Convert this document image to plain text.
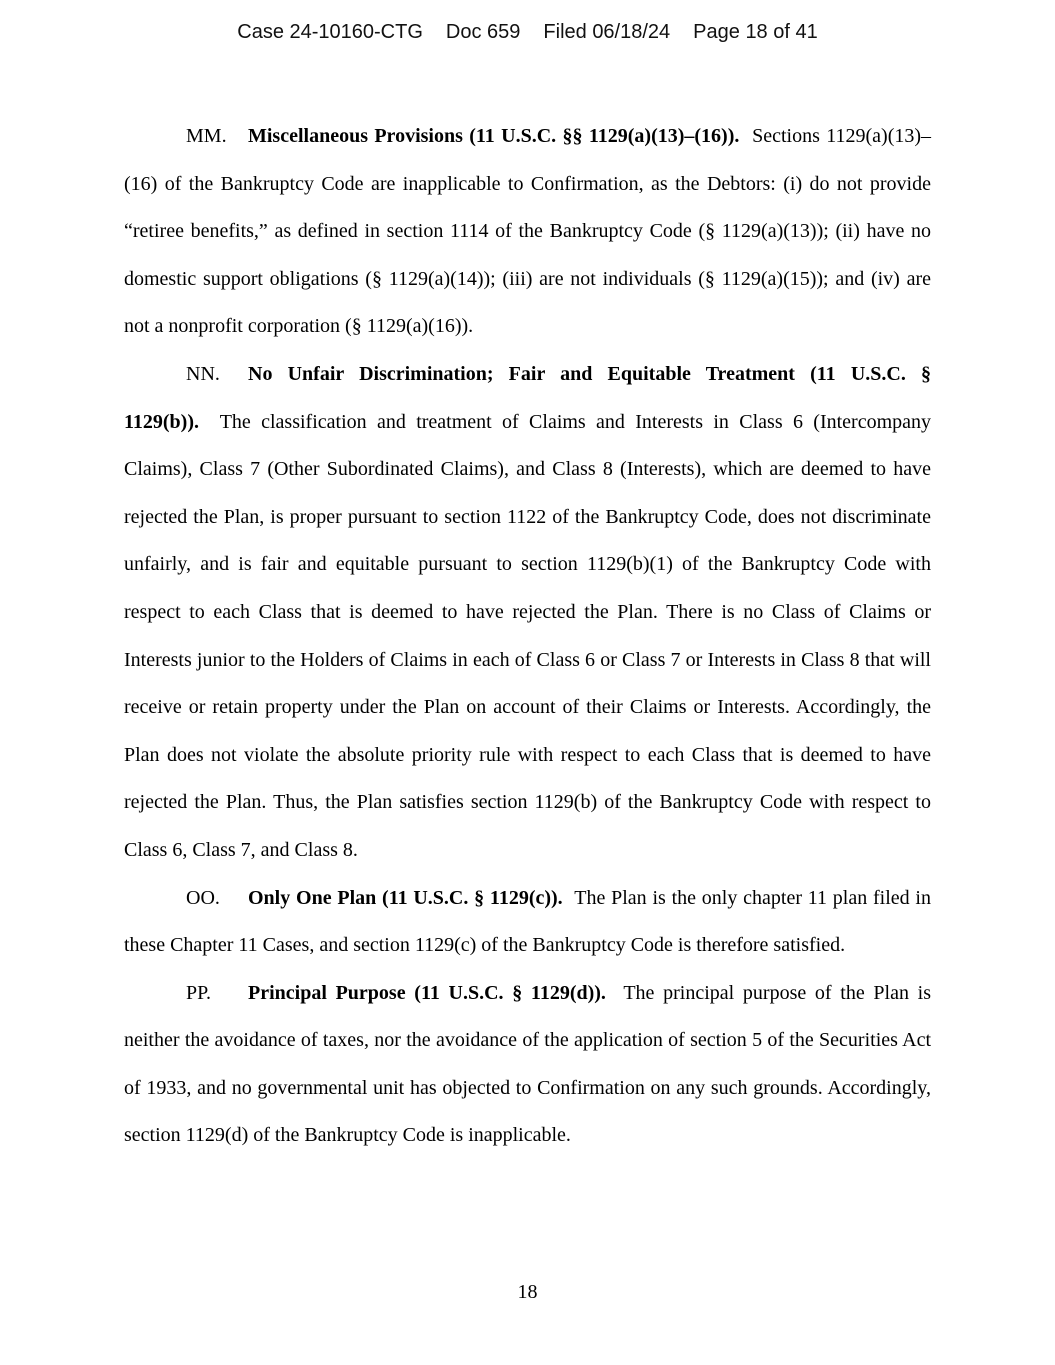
Case 24-10160-CTG Doc 659 Filed 06/18/24 Page 18 of 41

MM. Miscellaneous Provisions (11 U.S.C. §§ 1129(a)(13)–(16)). Sections 1129(a)(13)–(16) of the Bankruptcy Code are inapplicable to Confirmation, as the Debtors: (i) do not provide “retiree benefits,” as defined in section 1114 of the Bankruptcy Code (§ 1129(a)(13)); (ii) have no domestic support obligations (§ 1129(a)(14)); (iii) are not individuals (§ 1129(a)(15)); and (iv) are not a nonprofit corporation (§ 1129(a)(16)).

NN. No Unfair Discrimination; Fair and Equitable Treatment (11 U.S.C. § 1129(b)). The classification and treatment of Claims and Interests in Class 6 (Intercompany Claims), Class 7 (Other Subordinated Claims), and Class 8 (Interests), which are deemed to have rejected the Plan, is proper pursuant to section 1122 of the Bankruptcy Code, does not discriminate unfairly, and is fair and equitable pursuant to section 1129(b)(1) of the Bankruptcy Code with respect to each Class that is deemed to have rejected the Plan. There is no Class of Claims or Interests junior to the Holders of Claims in each of Class 6 or Class 7 or Interests in Class 8 that will receive or retain property under the Plan on account of their Claims or Interests. Accordingly, the Plan does not violate the absolute priority rule with respect to each Class that is deemed to have rejected the Plan. Thus, the Plan satisfies section 1129(b) of the Bankruptcy Code with respect to Class 6, Class 7, and Class 8.

OO. Only One Plan (11 U.S.C. § 1129(c)). The Plan is the only chapter 11 plan filed in these Chapter 11 Cases, and section 1129(c) of the Bankruptcy Code is therefore satisfied.

PP. Principal Purpose (11 U.S.C. § 1129(d)). The principal purpose of the Plan is neither the avoidance of taxes, nor the avoidance of the application of section 5 of the Securities Act of 1933, and no governmental unit has objected to Confirmation on any such grounds. Accordingly, section 1129(d) of the Bankruptcy Code is inapplicable.

18
